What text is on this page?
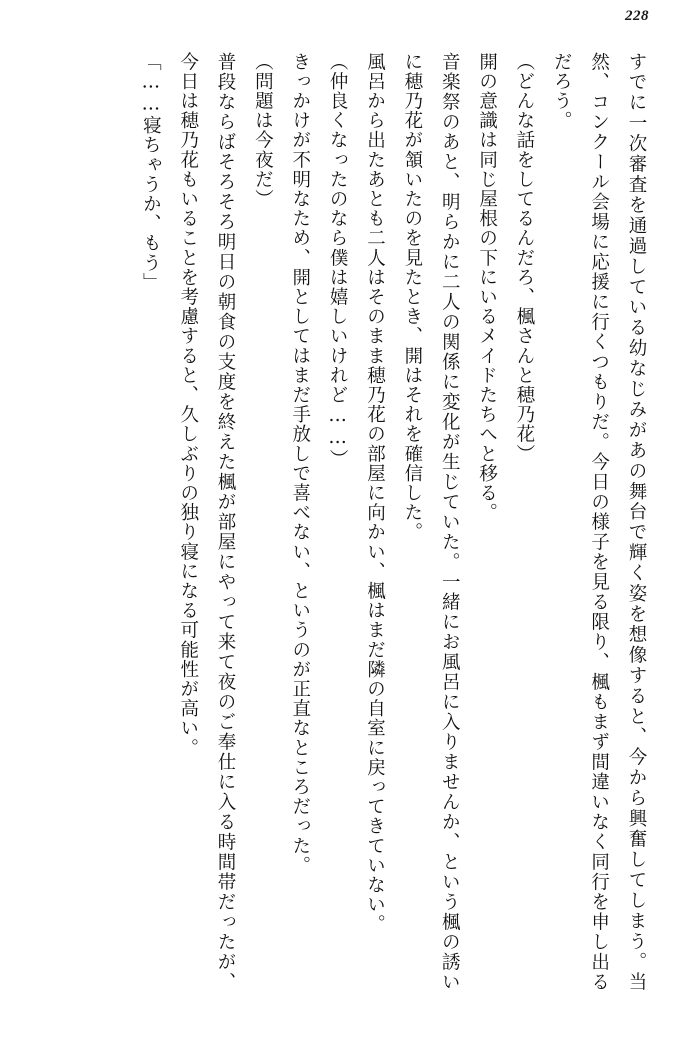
228

すでに一次審査を通過している幼なじみがあの舞台で輝く姿を想像すると、今から興奮してしまう。当然、コンクール会場に応援に行くつもりだ。今日の様子を見る限り、楓もまず間違いなく同行を申し出るだろう。

（どんな話をしてるんだろ、楓さんと穂乃花）

開の意識は同じ屋根の下にいるメイドたちへと移る。

音楽祭のあと、明らかに二人の関係に変化が生じていた。一緒にお風呂に入りませんか、という楓の誘いに穂乃花が頷いたのを見たとき、開はそれを確信した。

風呂から出たあとも二人はそのまま穂乃花の部屋に向かい、楓はまだ隣の自室に戻ってきていない。

（仲良くなったのなら僕は嬉しいけれど……）

きっかけが不明なため、開としてはまだ手放しで喜べない、というのが正直なところだった。

（問題は今夜だ）

普段ならばそろそろ明日の朝食の支度を終えた楓が部屋にやって来て夜のご奉仕に入る時間帯だったが、今日は穂乃花もいることを考慮すると、久しぶりの独り寝になる可能性が高い。

「……寝ちゃうか、もう」
